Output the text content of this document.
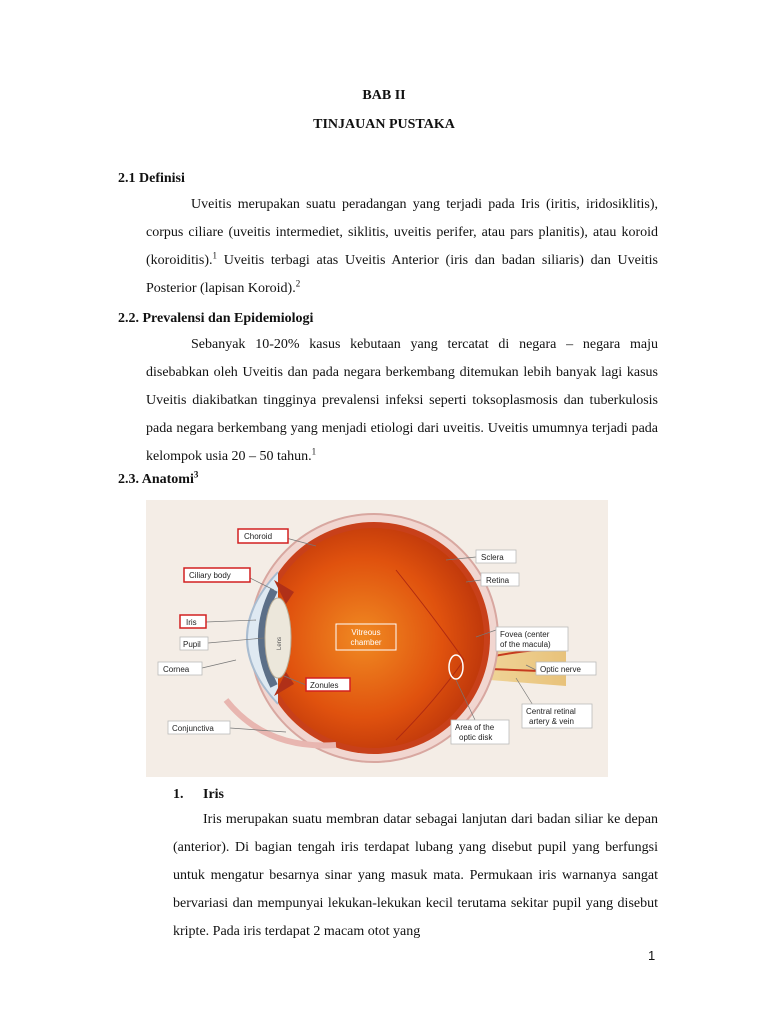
BAB II
TINJAUAN PUSTAKA
2.1 Definisi

Uveitis merupakan suatu peradangan yang terjadi pada Iris (iritis, iridosiklitis), corpus ciliare (uveitis intermediet, siklitis, uveitis perifer, atau pars planitis), atau koroid (koroiditis).$^1$ Uveitis terbagi atas Uveitis Anterior (iris dan badan siliaris) dan Uveitis Posterior (lapisan Koroid).$^2$

2.2. Prevalensi dan Epidemiologi

Sebanyak 10-20% kasus kebutaan yang tercatat di negara – negara maju disebabkan oleh Uveitis dan pada negara berkembang ditemukan lebih banyak lagi kasus Uveitis diakibatkan tingginya prevalensi infeksi seperti toksoplasmosis dan tuberkulosis pada negara berkembang yang menjadi etiologi dari uveitis. Uveitis umumnya terjadi pada kelompok usia 20 – 50 tahun.$^1$

2.3. Anatomi$^3$
Lens
Vitreous
chamber
Choroid
Ciliary body
Iris
Zonules
Pupil
Cornea
Conjunctiva
Sclera
Retina
Fovea (center
of the macula)
Optic nerve
Central retinal
artery & vein
Area of the
optic disk
1. Iris

Iris merupakan suatu membran datar sebagai lanjutan dari badan siliar ke depan (anterior). Di bagian tengah iris terdapat lubang yang disebut pupil yang berfungsi untuk mengatur besarnya sinar yang masuk mata. Permukaan iris warnanya sangat bervariasi dan mempunyai lekukan-lekukan kecil terutama sekitar pupil yang disebut kripte. Pada iris terdapat 2 macam otot yang

1
